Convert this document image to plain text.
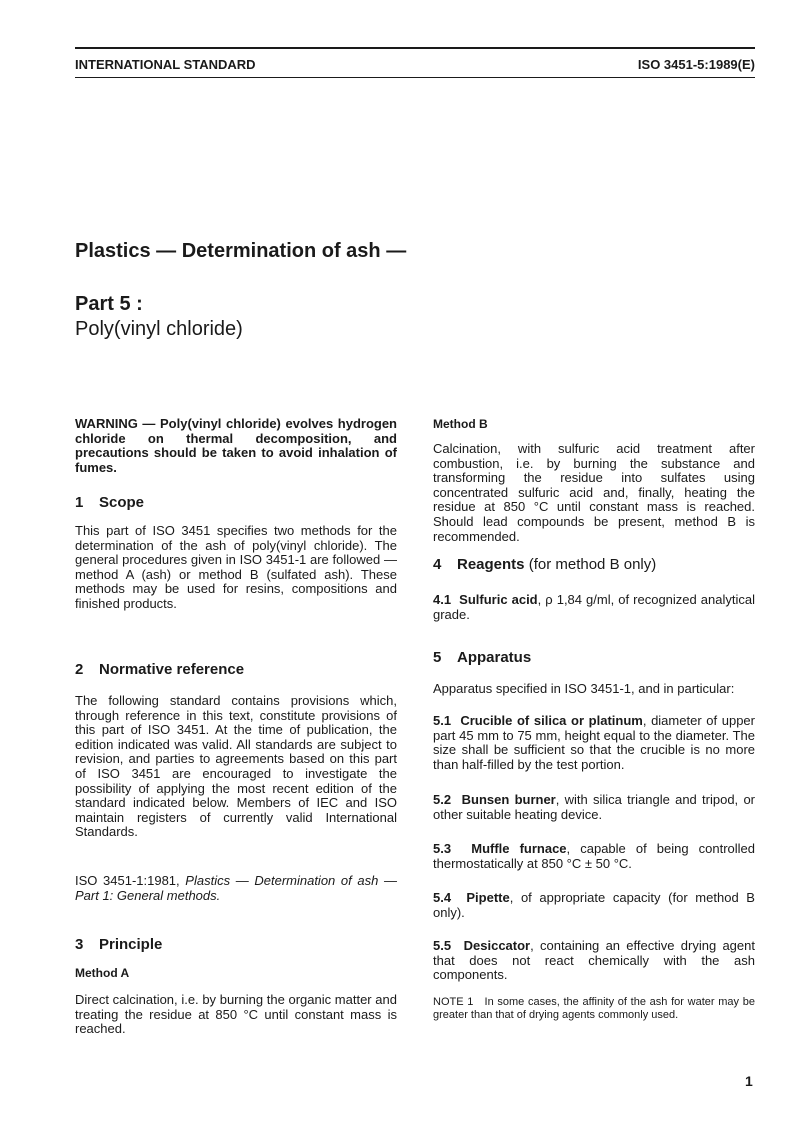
INTERNATIONAL STANDARD	ISO 3451-5:1989(E)
Plastics — Determination of ash —
Part 5 :
Poly(vinyl chloride)

WARNING — Poly(vinyl chloride) evolves hydrogen chloride on thermal decomposition, and precautions should be taken to avoid inhalation of fumes.

1 Scope

This part of ISO 3451 specifies two methods for the determination of the ash of poly(vinyl chloride). The general procedures given in ISO 3451-1 are followed — method A (ash) or method B (sulfated ash). These methods may be used for resins, compositions and finished products.

2 Normative reference

The following standard contains provisions which, through reference in this text, constitute provisions of this part of ISO 3451. At the time of publication, the edition indicated was valid. All standards are subject to revision, and parties to agreements based on this part of ISO 3451 are encouraged to investigate the possibility of applying the most recent edition of the standard indicated below. Members of IEC and ISO maintain registers of currently valid International Standards.

ISO 3451-1:1981, Plastics — Determination of ash — Part 1: General methods.

3 Principle
Method A

Direct calcination, i.e. by burning the organic matter and treating the residue at 850 °C until constant mass is reached.

Method B

Calcination, with sulfuric acid treatment after combustion, i.e. by burning the substance and transforming the residue into sulfates using concentrated sulfuric acid and, finally, heating the residue at 850 °C until constant mass is reached. Should lead compounds be present, method B is recommended.

4 Reagents (for method B only)

4.1 Sulfuric acid, ρ 1,84 g/ml, of recognized analytical grade.

5 Apparatus

Apparatus specified in ISO 3451-1, and in particular:

5.1 Crucible of silica or platinum, diameter of upper part 45 mm to 75 mm, height equal to the diameter. The size shall be sufficient so that the crucible is no more than half-filled by the test portion.

5.2 Bunsen burner, with silica triangle and tripod, or other suitable heating device.

5.3 Muffle furnace, capable of being controlled thermostatically at 850 °C ± 50 °C.

5.4 Pipette, of appropriate capacity (for method B only).

5.5 Desiccator, containing an effective drying agent that does not react chemically with the ash components.

NOTE 1 In some cases, the affinity of the ash for water may be greater than that of drying agents commonly used.

1
